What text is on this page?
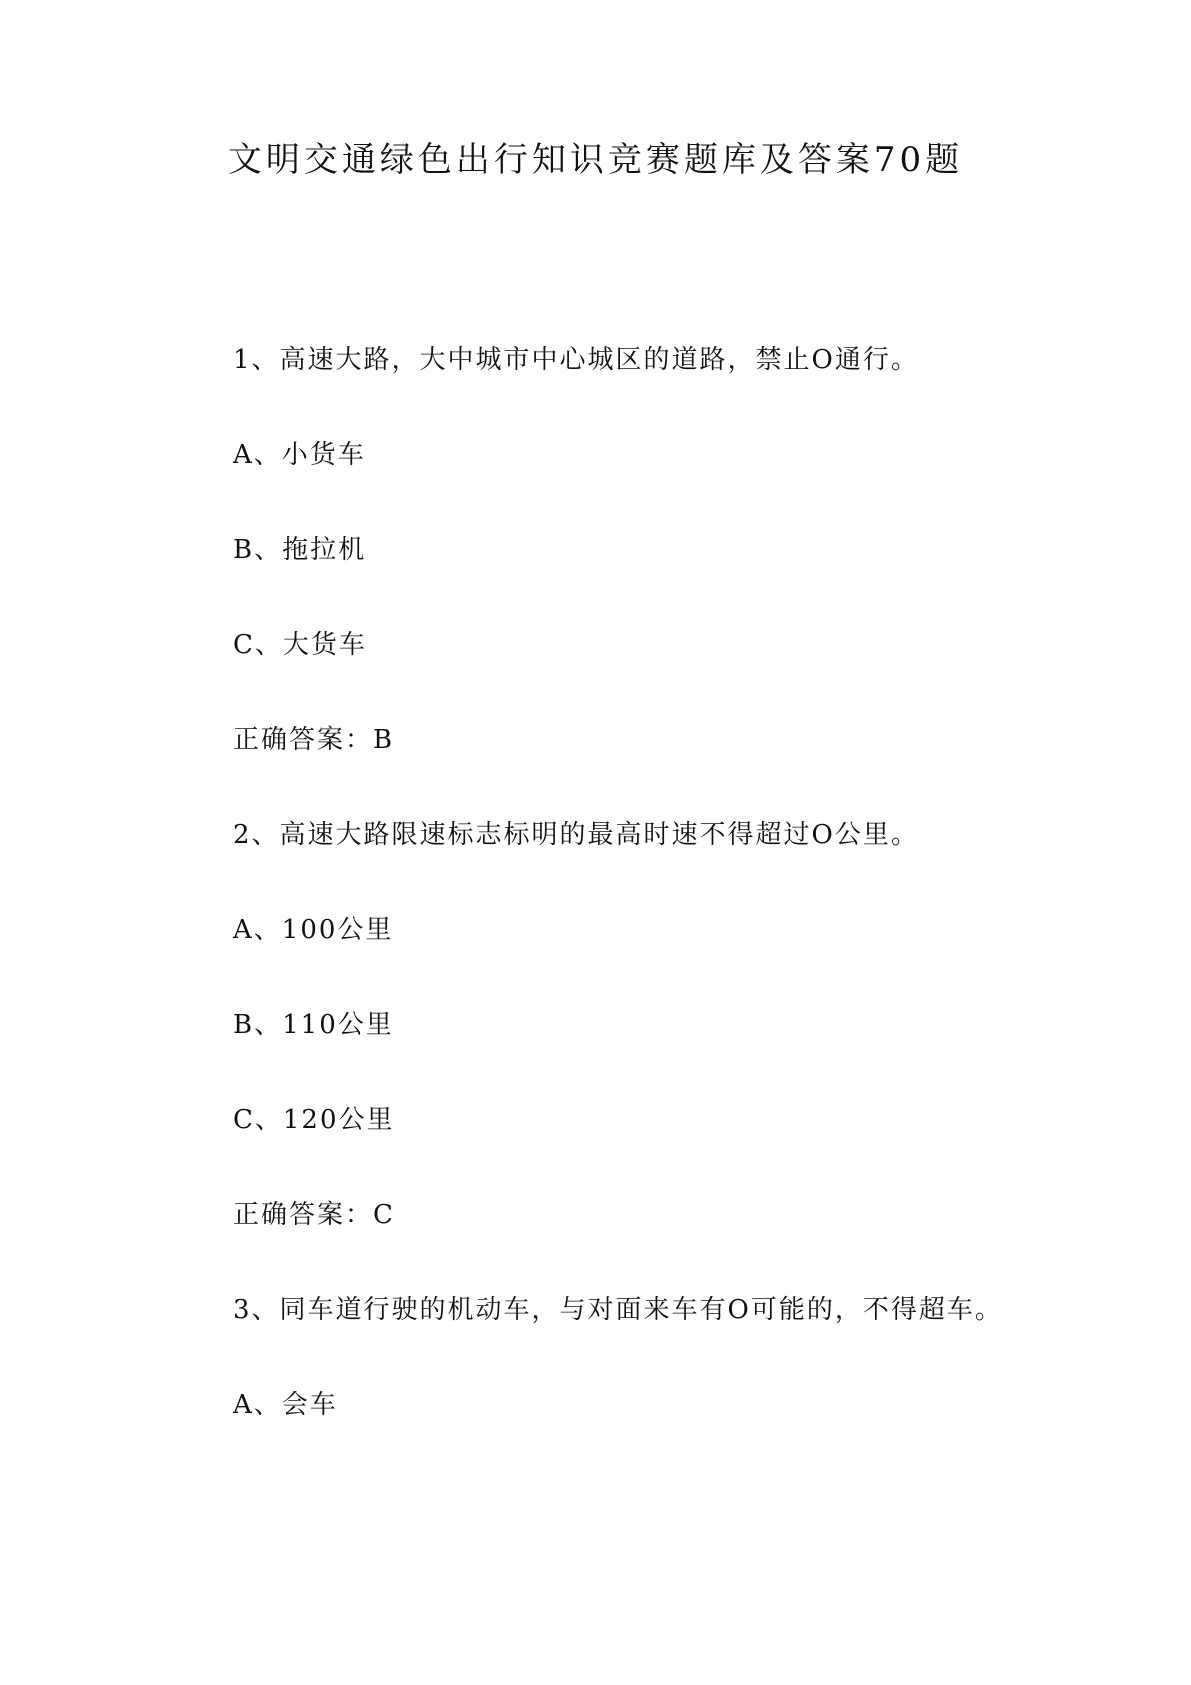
文明交通绿色出行知识竞赛题库及答案70题
1、高速大路，大中城市中心城区的道路，禁止O通行。
A、小货车
B、拖拉机
C、大货车
正确答案：B
2、高速大路限速标志标明的最高时速不得超过O公里。
A、100公里
B、110公里
C、120公里
正确答案：C
3、同车道行驶的机动车，与对面来车有O可能的，不得超车。
A、会车
